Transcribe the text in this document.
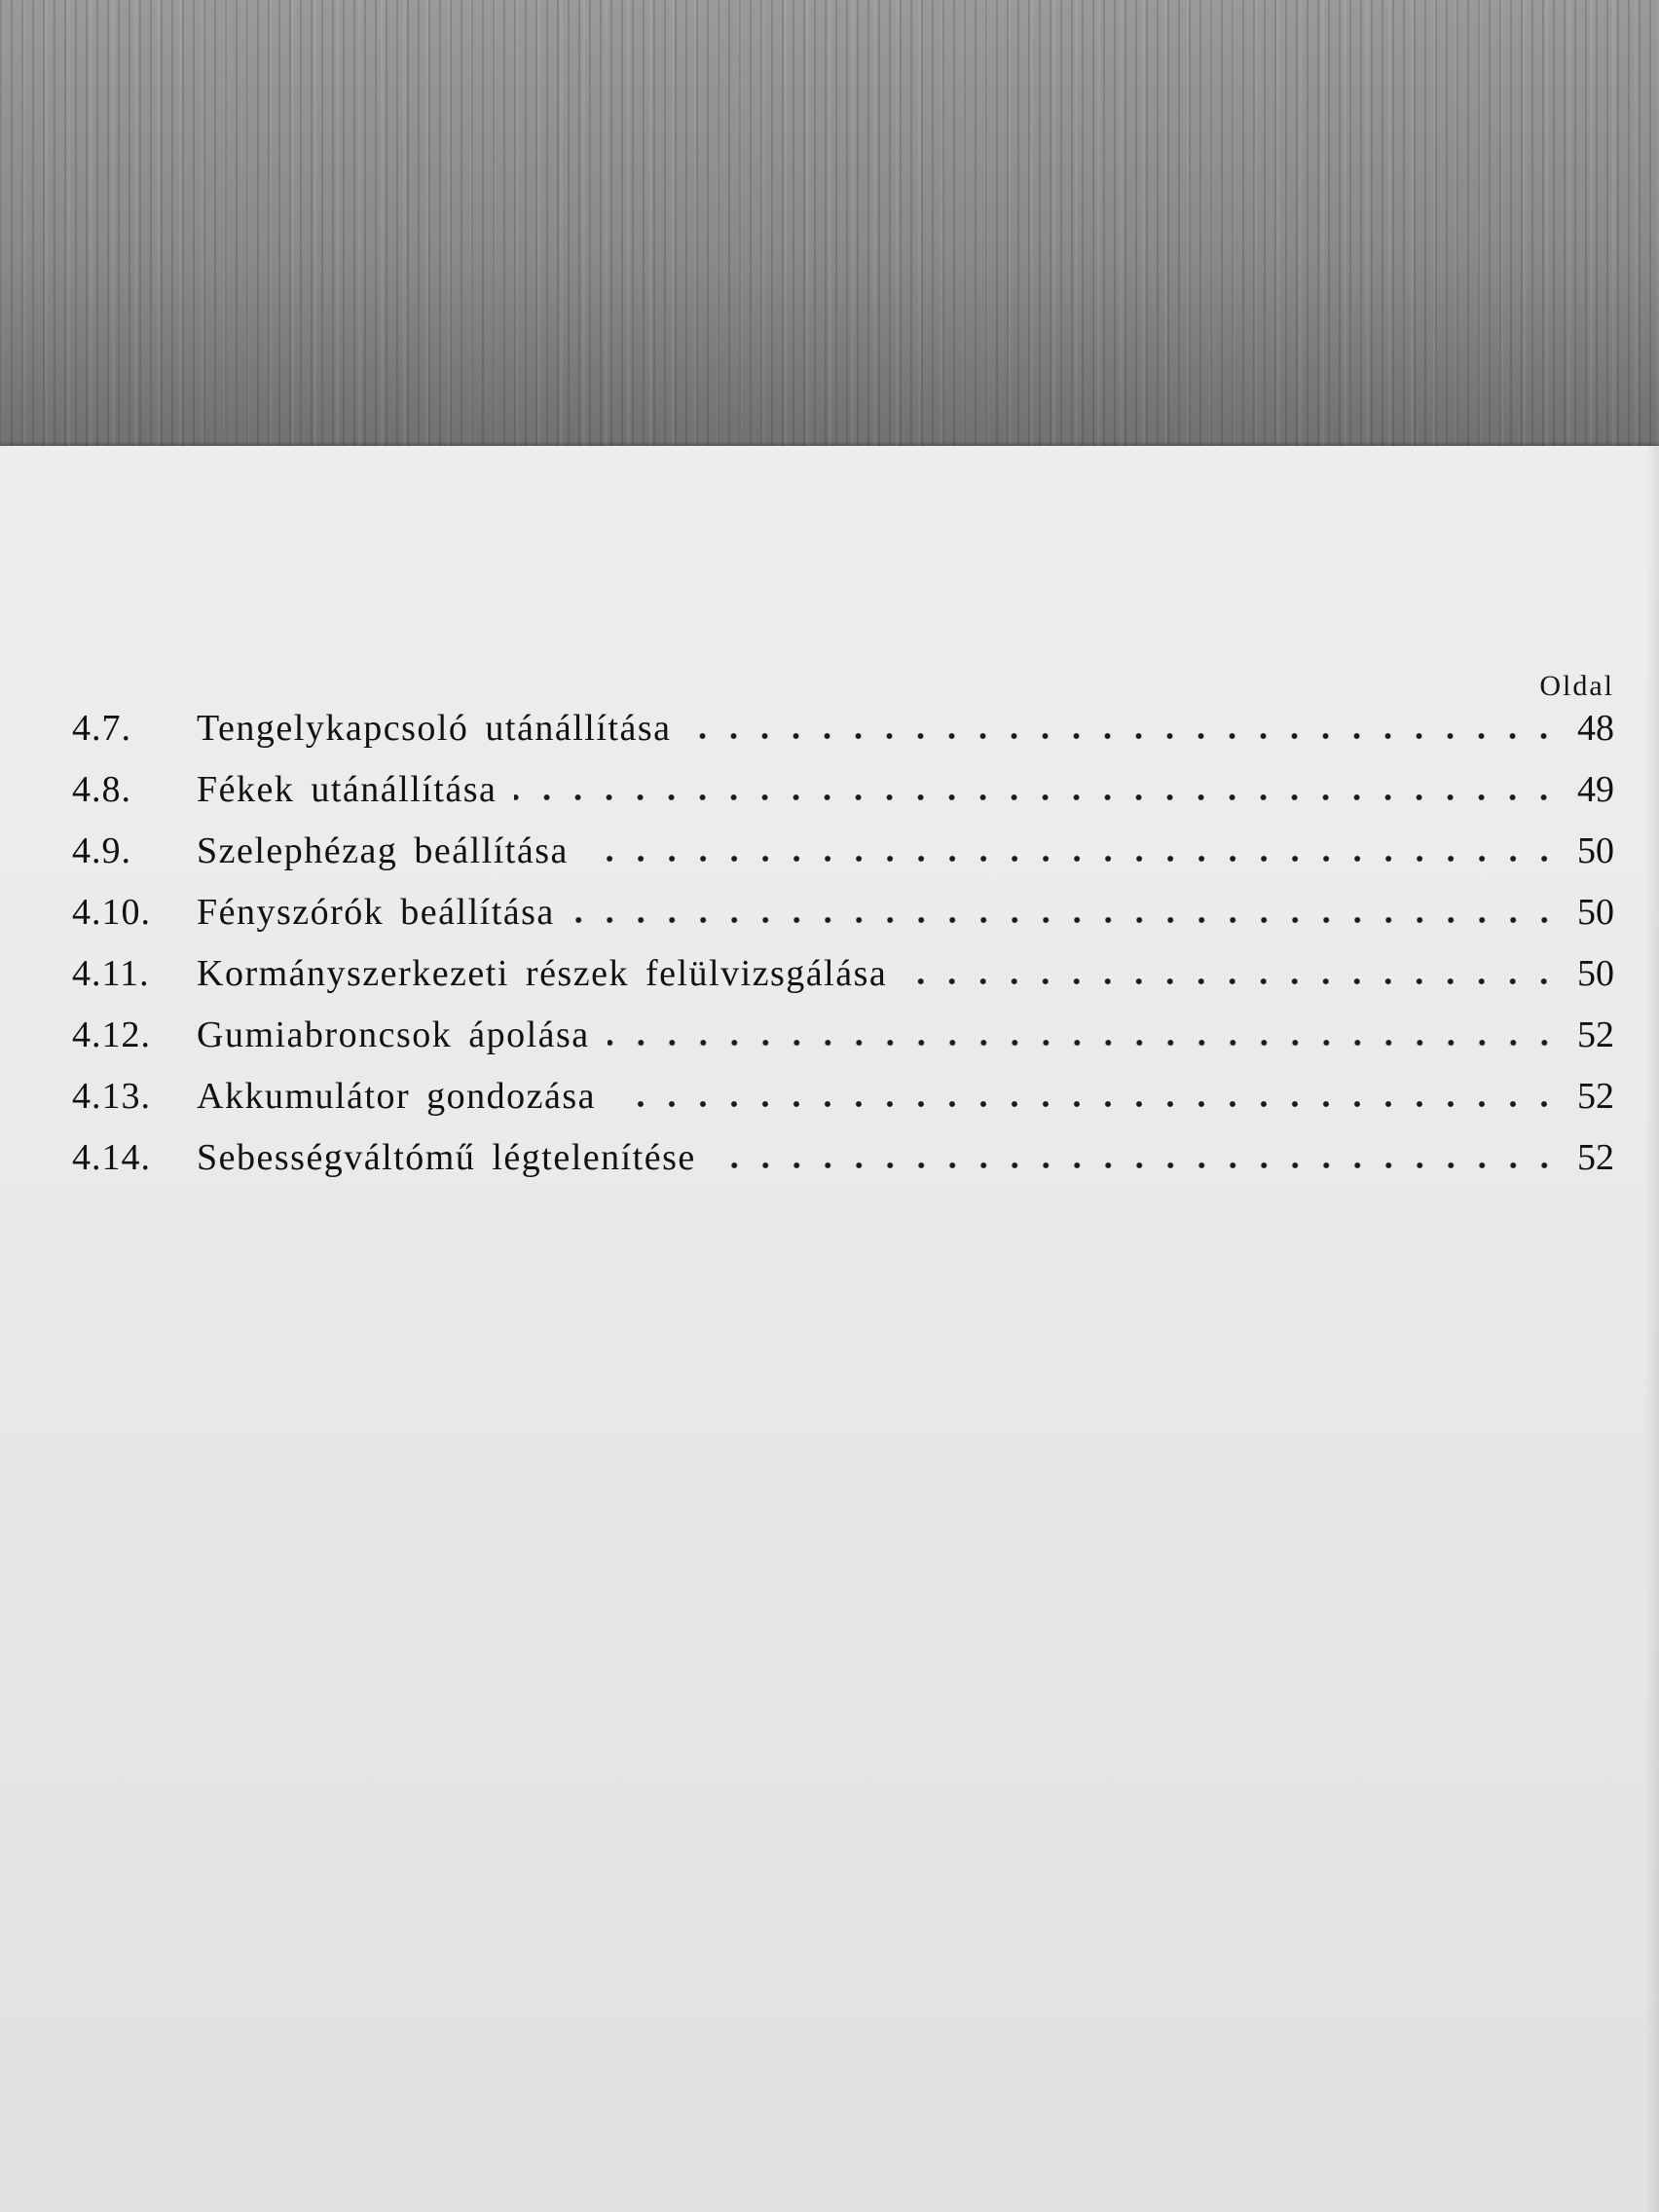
Oldal
4.7.	Tengelykapcsoló utánállítása	48
4.8.	Fékek utánállítása	49
4.9.	Szelephézag beállítása	50
4.10.	Fényszórók beállítása	50
4.11.	Kormányszerkezeti részek felülvizsgálása	50
4.12.	Gumiabroncsok ápolása	52
4.13.	Akkumulátor gondozása	52
4.14.	Sebességváltómű légtelenítése	52
